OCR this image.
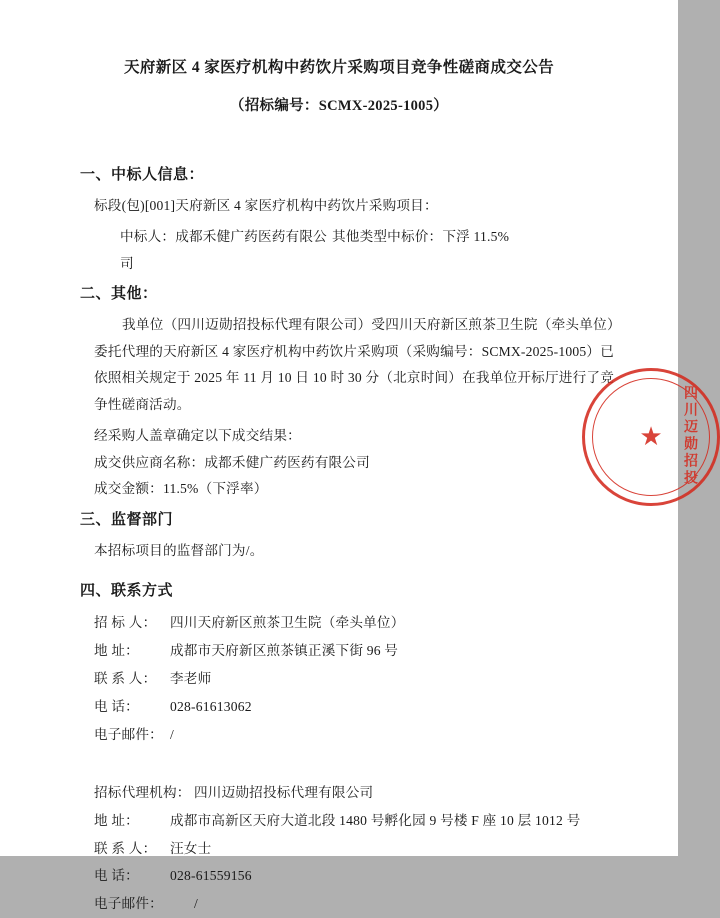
天府新区 4 家医疗机构中药饮片采购项目竞争性磋商成交公告
（招标编号：SCMX-2025-1005）
一、中标人信息：
标段(包)[001]天府新区 4 家医疗机构中药饮片采购项目：
中标人：成都禾健广药医药有限公司
其他类型中标价：下浮 11.5%
二、其他：
我单位（四川迈勋招投标代理有限公司）受四川天府新区煎茶卫生院（牵头单位）委托代理的天府新区 4 家医疗机构中药饮片采购项（采购编号：SCMX-2025-1005）已依照相关规定于 2025 年 11 月 10 日 10 时 30 分（北京时间）在我单位开标厅进行了竞争性磋商活动。
经采购人盖章确定以下成交结果：
成交供应商名称：成都禾健广药医药有限公司
成交金额：11.5%（下浮率）
三、监督部门
本招标项目的监督部门为/。
四、联系方式
招 标 人：	四川天府新区煎茶卫生院（牵头单位）
地 址：	成都市天府新区煎茶镇正溪下街 96 号
联 系 人：	李老师
电 话：	028-61613062
电子邮件： /
招标代理机构： 四川迈勋招投标代理有限公司
地 址：	成都市高新区天府大道北段 1480 号孵化园 9 号楼 F 座 10 层 1012 号
联 系 人：	汪女士
电 话：	028-61559156
电子邮件：	/
四川迈勋招投
★
